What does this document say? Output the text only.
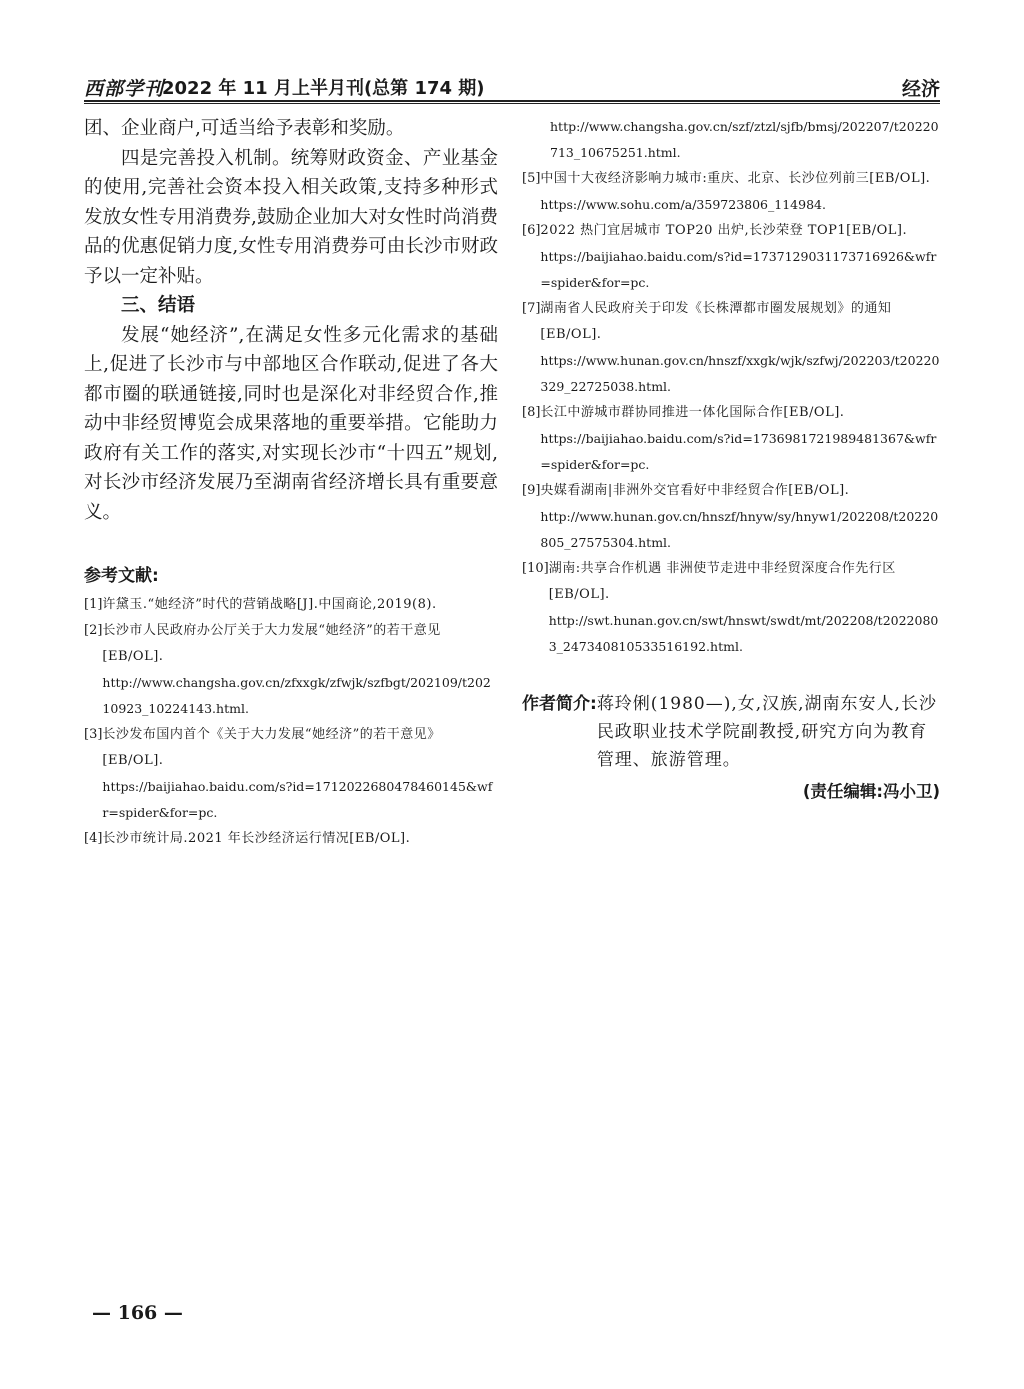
西部学刊
2022 年 11 月上半月刊(总第 174 期)	经济

团、企业商户,可适当给予表彰和奖励。

四是完善投入机制。统筹财政资金、产业基金的使用,完善社会资本投入相关政策,支持多种形式发放女性专用消费券,鼓励企业加大对女性时尚消费品的优惠促销力度,女性专用消费券可由长沙市财政予以一定补贴。

三、结语

发展“她经济”,在满足女性多元化需求的基础上,促进了长沙市与中部地区合作联动,促进了各大都市圈的联通链接,同时也是深化对非经贸合作,推动中非经贸博览会成果落地的重要举措。它能助力政府有关工作的落实,对实现长沙市“十四五”规划,对长沙市经济发展乃至湖南省经济增长具有重要意义。

参考文献:

[1] 许黛玉.“她经济”时代的营销战略[J].中国商论,2019(8).
[2] 长沙市人民政府办公厅关于大力发展“她经济”的若干意见[EB/OL].
http://www.changsha.gov.cn/zfxxgk/zfwjk/szfbgt/202109/t20210923_10224143.html.
[3] 长沙发布国内首个《关于大力发展“她经济”的若干意见》[EB/OL].
https://baijiahao.baidu.com/s?id=1712022680478460145&wfr=spider&for=pc.
[4] 长沙市统计局.2021 年长沙经济运行情况[EB/OL].

http://www.changsha.gov.cn/szf/ztzl/sjfb/bmsj/202207/t20220713_10675251.html.

[5] 中国十大夜经济影响力城市:重庆、北京、长沙位列前三[EB/OL].
https://www.sohu.com/a/359723806_114984.
[6] 2022 热门宜居城市 TOP20 出炉,长沙荣登 TOP1[EB/OL].
https://baijiahao.baidu.com/s?id=1737129031173716926&wfr=spider&for=pc.
[7] 湖南省人民政府关于印发《长株潭都市圈发展规划》的通知[EB/OL].
https://www.hunan.gov.cn/hnszf/xxgk/wjk/szfwj/202203/t20220329_22725038.html.
[8] 长江中游城市群协同推进一体化国际合作[EB/OL].
https://baijiahao.baidu.com/s?id=1736981721989481367&wfr=spider&for=pc.
[9] 央媒看湖南|非洲外交官看好中非经贸合作[EB/OL].
http://www.hunan.gov.cn/hnszf/hnyw/sy/hnyw1/202208/t20220805_27575304.html.
[10] 湖南:共享合作机遇 非洲使节走进中非经贸深度合作先行区[EB/OL].
http://swt.hunan.gov.cn/swt/hnswt/swdt/mt/202208/t20220803_247340810533516192.html.
作者简介: 蒋玲俐(1980—),女,汉族,湖南东安人,长沙民政职业技术学院副教授,研究方向为教育管理、旅游管理。
(责任编辑:冯小卫)
— 166 —
